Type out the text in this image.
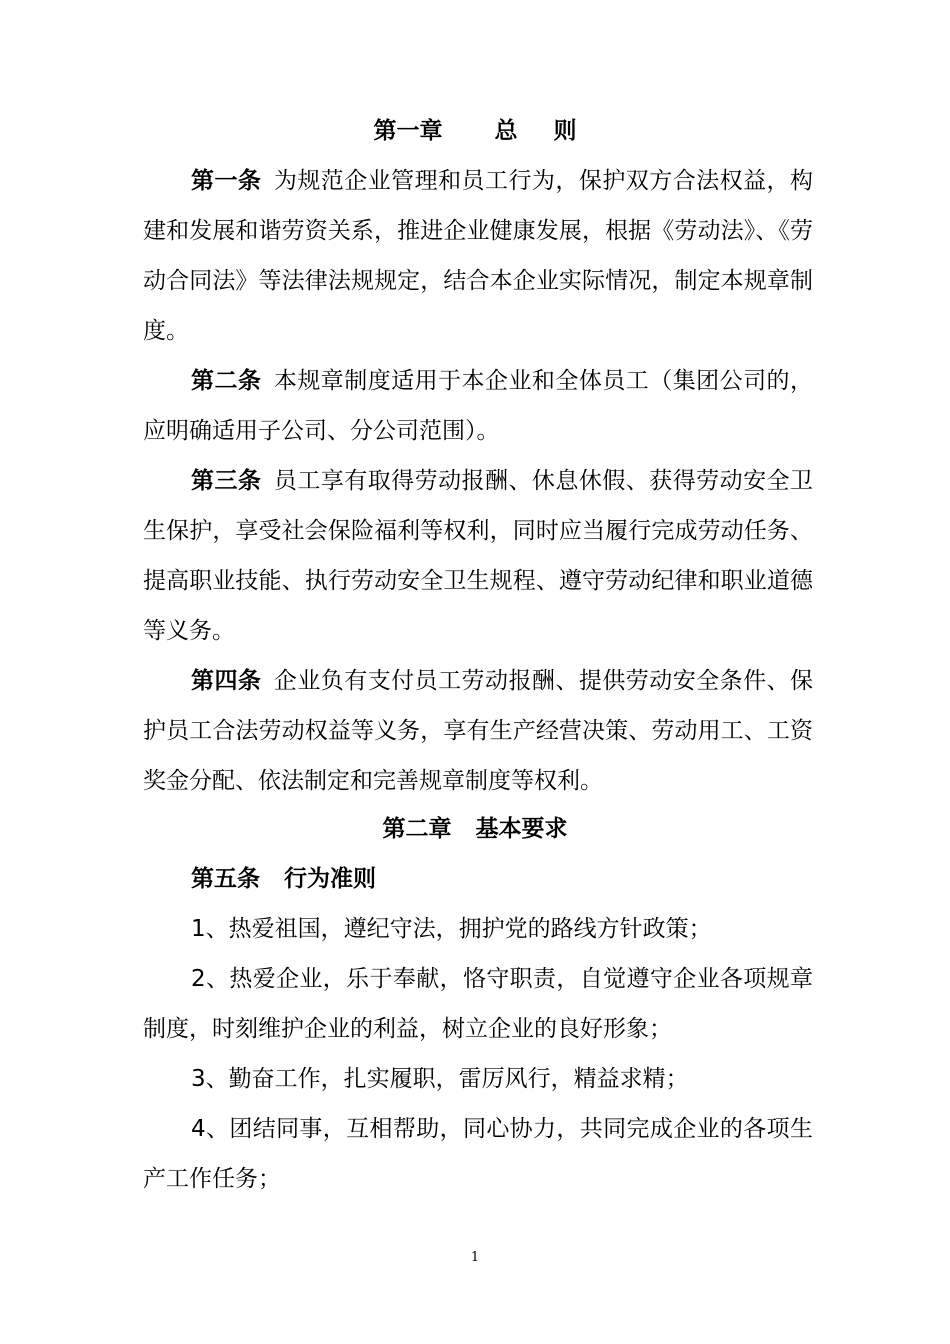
第一章 总 则

第一条 为规范企业管理和员工行为，保护双方合法权益，构建和发展和谐劳资关系，推进企业健康发展，根据《劳动法》、《劳动合同法》等法律法规规定，结合本企业实际情况，制定本规章制度。

第二条 本规章制度适用于本企业和全体员工（集团公司的，应明确适用子公司、分公司范围）。

第三条 员工享有取得劳动报酬、休息休假、获得劳动安全卫生保护，享受社会保险福利等权利，同时应当履行完成劳动任务、提高职业技能、执行劳动安全卫生规程、遵守劳动纪律和职业道德等义务。

第四条 企业负有支付员工劳动报酬、提供劳动安全条件、保护员工合法劳动权益等义务，享有生产经营决策、劳动用工、工资奖金分配、依法制定和完善规章制度等权利。

第二章 基本要求

第五条 行为准则

1、热爱祖国，遵纪守法，拥护党的路线方针政策；

2、热爱企业，乐于奉献，恪守职责，自觉遵守企业各项规章制度，时刻维护企业的利益，树立企业的良好形象；

3、勤奋工作，扎实履职，雷厉风行，精益求精；

4、团结同事，互相帮助，同心协力，共同完成企业的各项生产工作任务；

1
